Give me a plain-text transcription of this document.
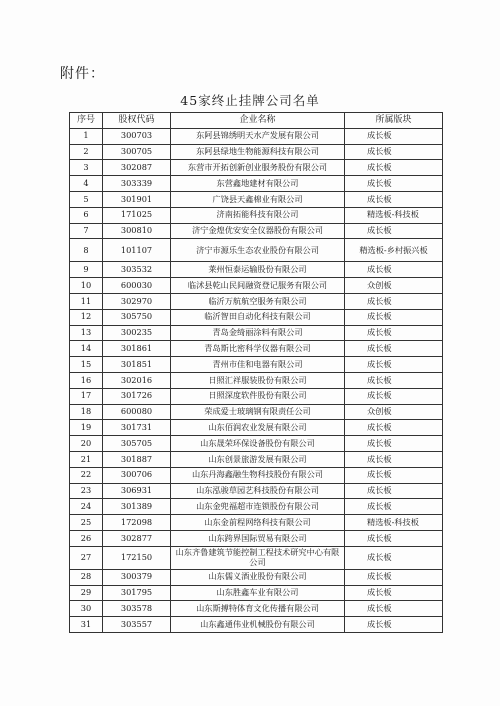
附件：
45家终止挂牌公司名单
序号	股权代码	企业名称	所属版块
1	300703	东阿县锦绣明天水产发展有限公司	成长板
2	300705	东阿县绿地生物能源科技有限公司	成长板
3	302087	东营市开拓创新创业服务股份有限公司	成长板
4	303339	东营鑫地建材有限公司	成长板
5	301901	广饶县天鑫棉业有限公司	成长板
6	171025	济南拓能科技有限公司	精选板-科技板
7	300810	济宁金煌优安安全仪器股份有限公司	成长板
8	101107	济宁市源乐生态农业股份有限公司	精选板-乡村振兴板
9	303532	莱州恒泰运输股份有限公司	成长板
10	600030	临沭县乾山民间融资登记服务有限公司	众创板
11	302970	临沂万航航空服务有限公司	成长板
12	305750	临沂智田自动化科技有限公司	成长板
13	300235	青岛金绮丽涂料有限公司	成长板
14	301861	青岛斯比密科学仪器有限公司	成长板
15	301851	青州市佳和电器有限公司	成长板
16	302016	日照汇祥服装股份有限公司	成长板
17	301726	日照深度软件股份有限公司	成长板
18	600080	荣成爱士玻璃钢有限责任公司	众创板
19	301731	山东佰润农业发展有限公司	成长板
20	305705	山东晟荣环保设备股份有限公司	成长板
21	301887	山东创景旅游发展有限公司	成长板
22	300706	山东丹海鑫融生物科技股份有限公司	成长板
23	306931	山东泓骏草园艺科技股份有限公司	成长板
24	301389	山东金兜福超市连锁股份有限公司	成长板
25	172098	山东金前程网络科技有限公司	精选板-科技板
26	302877	山东跨界国际贸易有限公司	成长板
27	172150	山东齐鲁建筑节能控制工程技术研究中心有限公司	成长板
28	300379	山东儒义酒业股份有限公司	成长板
29	301795	山东胜鑫车业有限公司	成长板
30	303578	山东斯搏特体育文化传播有限公司	成长板
31	303557	山东鑫通伟业机械股份有限公司	成长板
